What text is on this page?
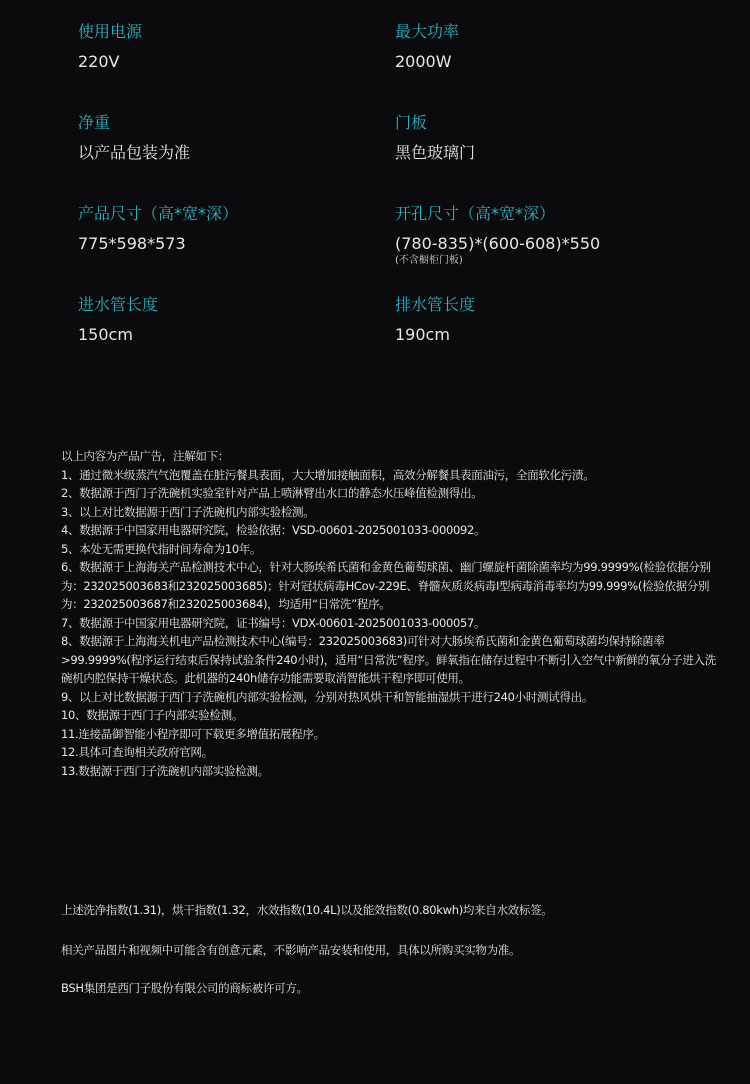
使用电源
220V
最大功率
2000W
净重
以产品包装为准
门板
黑色玻璃门
产品尺寸（高*宽*深）
775*598*573
开孔尺寸（高*宽*深）
(780-835)*(600-608)*550
(不含橱柜门板)
进水管长度
150cm
排水管长度
190cm

以上内容为产品广告，注解如下：

1、通过微米级蒸汽气泡覆盖在脏污餐具表面，大大增加接触面积，高效分解餐具表面油污，全面软化污渍。

2、数据源于西门子洗碗机实验室针对产品上喷淋臂出水口的静态水压峰值检测得出。

3、以上对比数据源于西门子洗碗机内部实验检测。

4、数据源于中国家用电器研究院，检验依据：VSD-00601-2025001033-000092。

5、本处无需更换代指时间寿命为10年。

6、数据源于上海海关产品检测技术中心，针对大肠埃希氏菌和金黄色葡萄球菌、幽门螺旋杆菌除菌率均为99.9999%(检验依据分别为：232025003683和232025003685)；针对冠状病毒HCov-229E、脊髓灰质炎病毒I型病毒消毒率均为99.999%(检验依据分别为：232025003687和232025003684)，均适用“日常洗”程序。

7、数据源于中国家用电器研究院，证书编号：VDX-00601-2025001033-000057。

8、数据源于上海海关机电产品检测技术中心(编号：232025003683)可针对大肠埃希氏菌和金黄色葡萄球菌均保持除菌率　>99.9999%(程序运行结束后保持试验条件240小时)，适用“日常洗”程序。鲜氧指在储存过程中不断引入空气中新鲜的氧分子进入洗碗机内腔保持干燥状态。此机器的240h储存功能需要取消智能烘干程序即可使用。

9、以上对比数据源于西门子洗碗机内部实验检测，分别对热风烘干和智能抽湿烘干进行240小时测试得出。

10、数据源于西门子内部实验检测。

11.连接晶御智能小程序即可下载更多增值拓展程序。

12.具体可查询相关政府官网。

13.数据源于西门子洗碗机内部实验检测。

上述洗净指数(1.31)，烘干指数(1.32，水效指数(10.4L)以及能效指数(0.80kwh)均来自水效标签。
相关产品图片和视频中可能含有创意元素，不影响产品安装和使用，具体以所购买实物为准。
BSH集团是西门子股份有限公司的商标被许可方。
